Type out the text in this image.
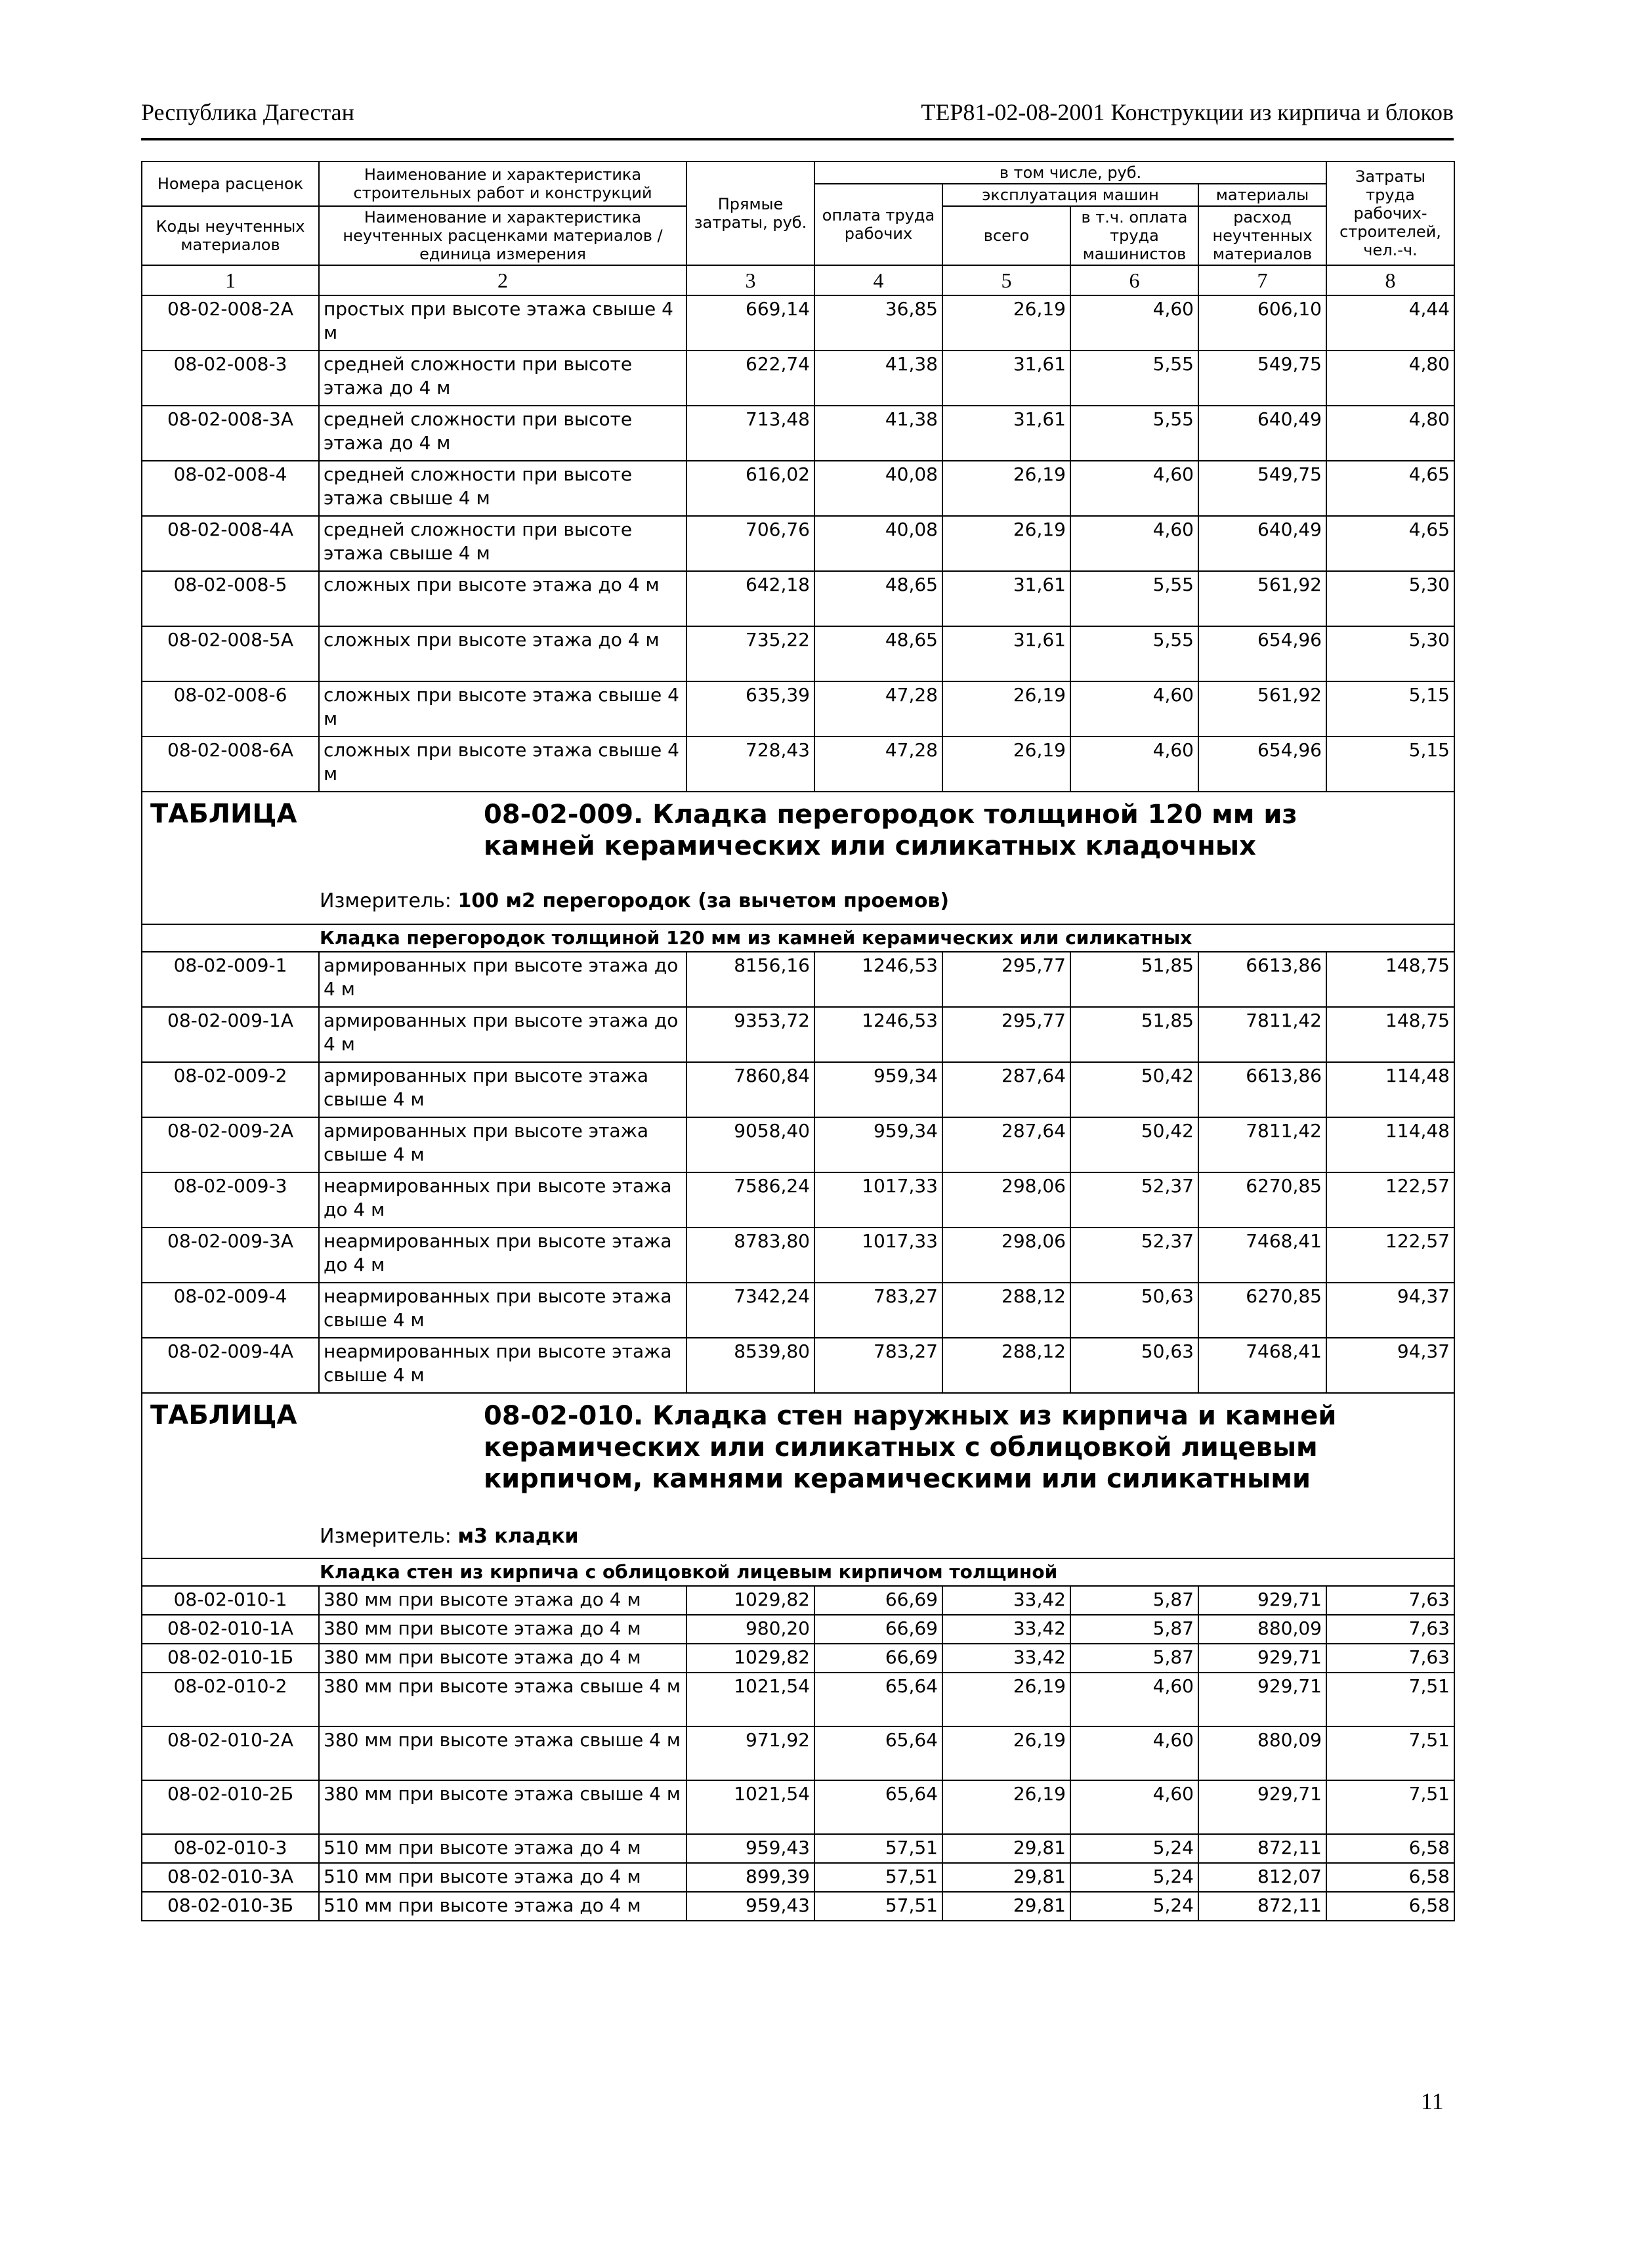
Республика Дагестан	ТЕР81-02-08-2001 Конструкции из кирпича и блоков
Номера расценок	Наименование и характеристика строительных работ и конструкций	Прямые затраты, руб.	в том числе, руб.				Затраты труда рабочих-строителей, чел.-ч.
			оплата труда рабочих	эксплуатация машин		материалы	
Коды неучтенных материалов	Наименование и характеристика неучтенных расценками материалов / единица измерения			всего	в т.ч. оплата труда машинистов	расход неучтенных материалов	

1	2	3	4	5	6	7	8
08-02-008-2А	простых при высоте этажа свыше 4 м	669,14	36,85	26,19	4,60	606,10	4,44
08-02-008-3	средней сложности при высоте этажа до 4 м	622,74	41,38	31,61	5,55	549,75	4,80
08-02-008-3А	средней сложности при высоте этажа до 4 м	713,48	41,38	31,61	5,55	640,49	4,80
08-02-008-4	средней сложности при высоте этажа свыше 4 м	616,02	40,08	26,19	4,60	549,75	4,65
08-02-008-4А	средней сложности при высоте этажа свыше 4 м	706,76	40,08	26,19	4,60	640,49	4,65
08-02-008-5	сложных при высоте этажа до 4 м	642,18	48,65	31,61	5,55	561,92	5,30
08-02-008-5А	сложных при высоте этажа до 4 м	735,22	48,65	31,61	5,55	654,96	5,30
08-02-008-6	сложных при высоте этажа свыше 4 м	635,39	47,28	26,19	4,60	561,92	5,15
08-02-008-6А	сложных при высоте этажа свыше 4 м	728,43	47,28	26,19	4,60	654,96	5,15

ТАБЛИЦА 08-02-009. Кладка перегородок толщиной 120 мм из камней керамических или силикатных кладочных
Измеритель: 100 м2 перегородок (за вычетом проемов)							

Кладка перегородок толщиной 120 мм из камней керамических или силикатных							
08-02-009-1	армированных при высоте этажа до 4 м	8156,16	1246,53	295,77	51,85	6613,86	148,75
08-02-009-1А	армированных при высоте этажа до 4 м	9353,72	1246,53	295,77	51,85	7811,42	148,75
08-02-009-2	армированных при высоте этажа свыше 4 м	7860,84	959,34	287,64	50,42	6613,86	114,48
08-02-009-2А	армированных при высоте этажа свыше 4 м	9058,40	959,34	287,64	50,42	7811,42	114,48
08-02-009-3	неармированных при высоте этажа до 4 м	7586,24	1017,33	298,06	52,37	6270,85	122,57
08-02-009-3А	неармированных при высоте этажа до 4 м	8783,80	1017,33	298,06	52,37	7468,41	122,57
08-02-009-4	неармированных при высоте этажа свыше 4 м	7342,24	783,27	288,12	50,63	6270,85	94,37
08-02-009-4А	неармированных при высоте этажа свыше 4 м	8539,80	783,27	288,12	50,63	7468,41	94,37

ТАБЛИЦА 08-02-010. Кладка стен наружных из кирпича и камней керамических или силикатных с облицовкой лицевым кирпичом, камнями керамическими или силикатными
Измеритель: м3 кладки							

Кладка стен из кирпича с облицовкой лицевым кирпичом толщиной							
08-02-010-1	380 мм при высоте этажа до 4 м	1029,82	66,69	33,42	5,87	929,71	7,63
08-02-010-1А	380 мм при высоте этажа до 4 м	980,20	66,69	33,42	5,87	880,09	7,63
08-02-010-1Б	380 мм при высоте этажа до 4 м	1029,82	66,69	33,42	5,87	929,71	7,63
08-02-010-2	380 мм при высоте этажа свыше 4 м	1021,54	65,64	26,19	4,60	929,71	7,51
08-02-010-2А	380 мм при высоте этажа свыше 4 м	971,92	65,64	26,19	4,60	880,09	7,51
08-02-010-2Б	380 мм при высоте этажа свыше 4 м	1021,54	65,64	26,19	4,60	929,71	7,51
08-02-010-3	510 мм при высоте этажа до 4 м	959,43	57,51	29,81	5,24	872,11	6,58
08-02-010-3А	510 мм при высоте этажа до 4 м	899,39	57,51	29,81	5,24	812,07	6,58
08-02-010-3Б	510 мм при высоте этажа до 4 м	959,43	57,51	29,81	5,24	872,11	6,58
11
